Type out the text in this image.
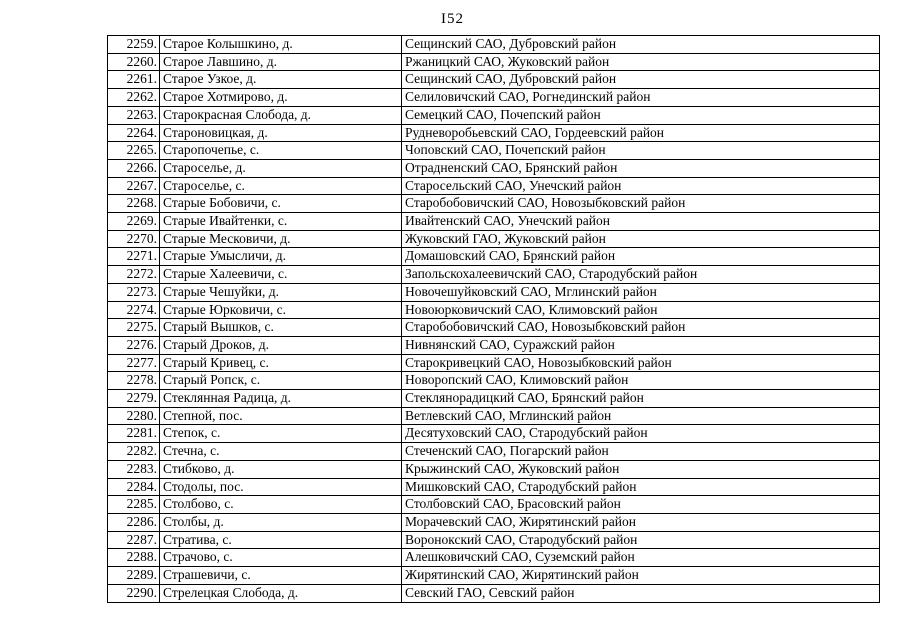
I52
2259.	Старое Колышкино, д.	Сещинский САО, Дубровский район
2260.	Старое Лавшино, д.	Ржаницкий САО, Жуковский район
2261.	Старое Узкое, д.	Сещинский САО, Дубровский район
2262.	Старое Хотмирово, д.	Селиловичский САО, Рогнединский район
2263.	Старокрасная Слобода, д.	Семецкий САО, Почепский район
2264.	Староновицкая, д.	Рудневоробьевский САО, Гордеевский район
2265.	Старопочепье, с.	Чоповский САО, Почепский район
2266.	Староселье, д.	Отрадненский САО, Брянский район
2267.	Староселье, с.	Старосельский САО, Унечский район
2268.	Старые Бобовичи, с.	Старобобовичский САО, Новозыбковский район
2269.	Старые Ивайтенки, с.	Ивайтенский САО, Унечский район
2270.	Старые Месковичи, д.	Жуковский ГАО, Жуковский район
2271.	Старые Умысличи, д.	Домашовский САО, Брянский район
2272.	Старые Халеевичи, с.	Запольскохалеевичский САО, Стародубский район
2273.	Старые Чешуйки, д.	Новочешуйковский САО, Мглинский район
2274.	Старые Юрковичи, с.	Новоюрковичский САО, Климовский район
2275.	Старый Вышков, с.	Старобобовичский САО, Новозыбковский район
2276.	Старый Дроков, д.	Нивнянский САО, Суражский район
2277.	Старый Кривец, с.	Старокривецкий САО, Новозыбковский район
2278.	Старый Ропск, с.	Новоропский САО, Климовский район
2279.	Стеклянная Радица, д.	Стеклянорадицкий САО, Брянский район
2280.	Степной, пос.	Ветлевский САО, Мглинский район
2281.	Степок, с.	Десятуховский САО, Стародубский район
2282.	Стечна, с.	Стеченский САО, Погарский район
2283.	Стибково, д.	Крыжинский САО, Жуковский район
2284.	Стодолы, пос.	Мишковский САО, Стародубский район
2285.	Столбово, с.	Столбовский САО, Брасовский район
2286.	Столбы, д.	Морачевский САО, Жирятинский район
2287.	Стратива, с.	Воронокский САО, Стародубский район
2288.	Страчово, с.	Алешковичский САО, Суземский район
2289.	Страшевичи, с.	Жирятинский САО, Жирятинский район
2290.	Стрелецкая Слобода, д.	Севский ГАО, Севский район
